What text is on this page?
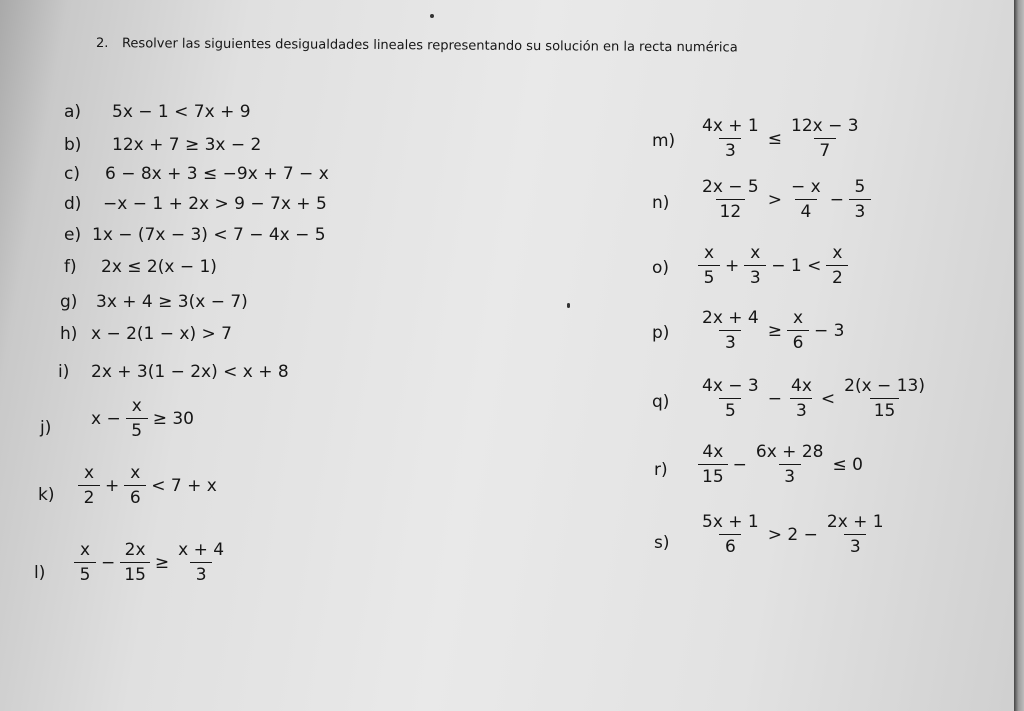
2. Resolver las siguientes desigualdades lineales representando su solución en la recta numérica
a) 5x − 1 < 7x + 9
b) 12x + 7 ≥ 3x − 2
c) 6 − 8x + 3 ≤ −9x + 7 − x
d) −x − 1 + 2x > 9 − 7x + 5
e) 1x − (7x − 3) < 7 − 4x − 5
f) 2x ≤ 2(x − 1)
g) 3x + 4 ≥ 3(x − 7)
h) x − 2(1 − x) > 7
i) 2x + 3(1 − 2x) < x + 8
j) $x - \frac{x}{5} \ge 30$
$k) \frac{x}{2} + \frac{x}{6} < 7 + x$
$l) \frac{x}{5} - \frac{2x}{15} \ge \frac{x + 4}{3}$
$m) \frac{4x + 1}{3} \le \frac{12x - 3}{7}$
$n) \frac{2x - 5}{12} > \frac{- x}{4} - \frac{5}{3}$
$o) \frac{x}{5} + \frac{x}{3} - 1 < \frac{x}{2}$
$p) \frac{2x + 4}{3} \ge \frac{x}{6} - 3$
$q) \frac{4x - 3}{5} - \frac{4x}{3} < \frac{2(x - 13)}{15}$
$r) \frac{4x}{15} - \frac{6x + 28}{3} \le 0$
$s) \frac{5x + 1}{6} > 2 - \frac{2x + 1}{3}$
